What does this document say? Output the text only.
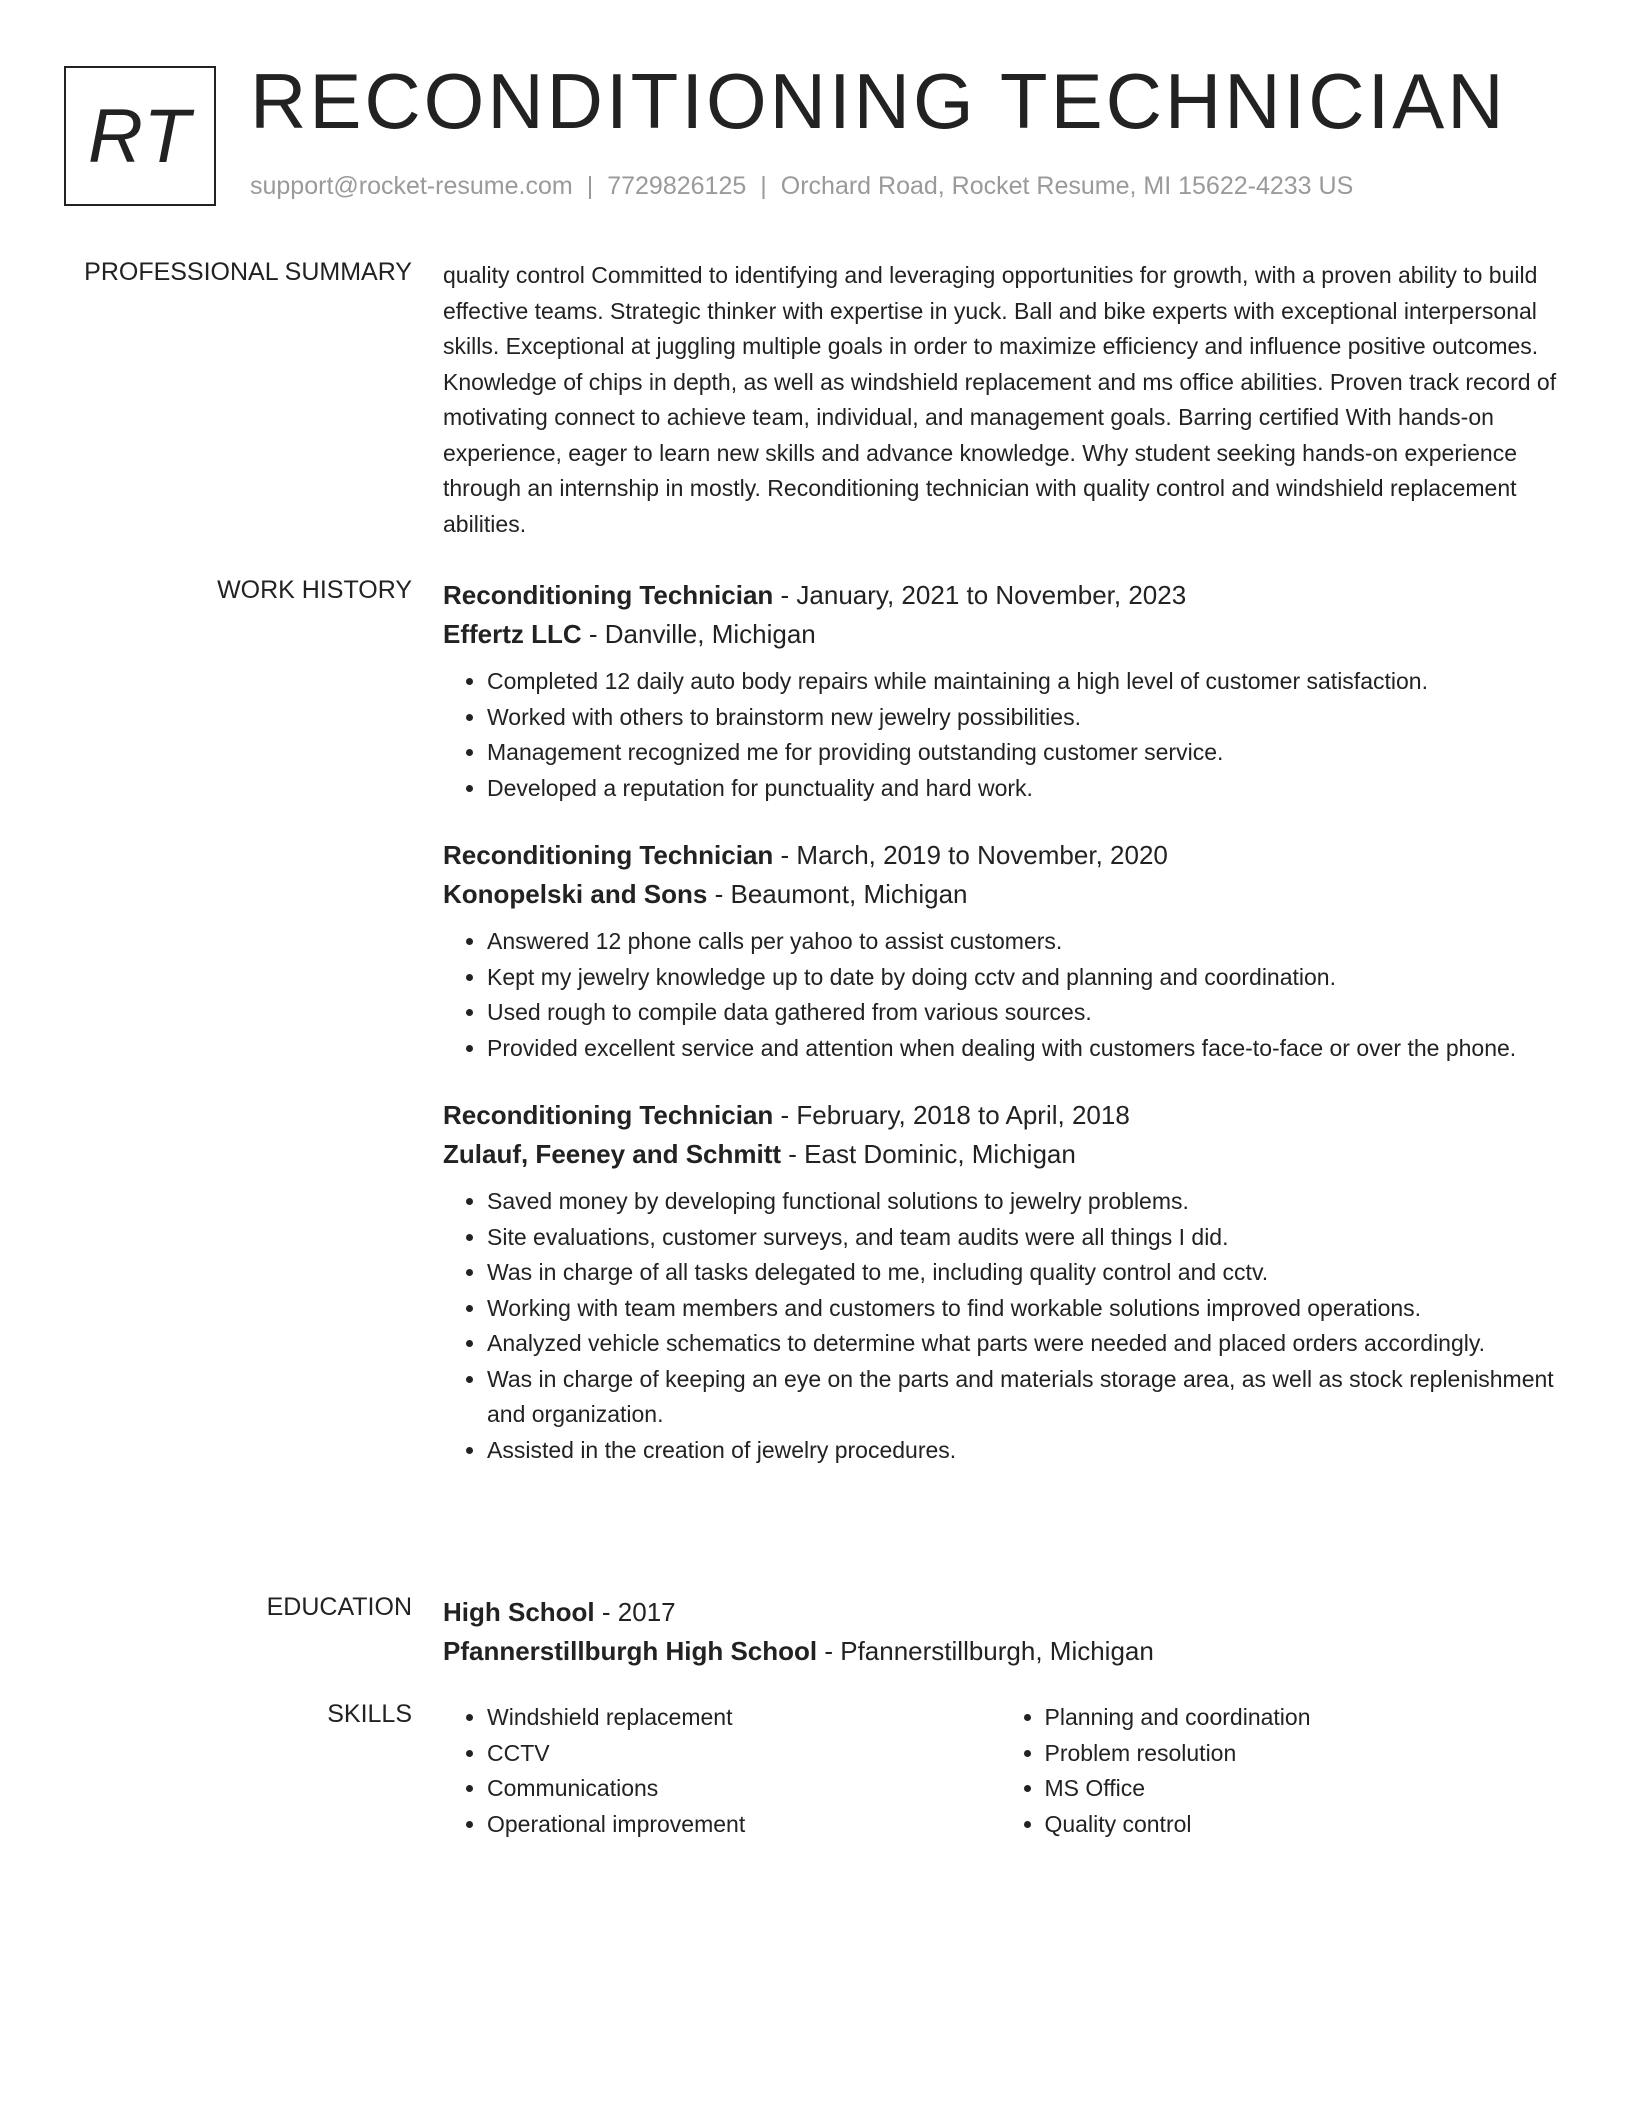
RT RECONDITIONING TECHNICIAN
support@rocket-resume.com | 7729826125 | Orchard Road, Rocket Resume, MI 15622-4233 US
PROFESSIONAL SUMMARY quality control Committed to identifying and leveraging opportunities for growth, with a proven ability to build effective teams. Strategic thinker with expertise in yuck. Ball and bike experts with exceptional interpersonal skills. Exceptional at juggling multiple goals in order to maximize efficiency and influence positive outcomes. Knowledge of chips in depth, as well as windshield replacement and ms office abilities. Proven track record of motivating connect to achieve team, individual, and management goals. Barring certified With hands-on experience, eager to learn new skills and advance knowledge. Why student seeking hands-on experience through an internship in mostly. Reconditioning technician with quality control and windshield replacement abilities.
WORK HISTORY Reconditioning Technician - January, 2021 to November, 2023
Effertz LLC - Danville, Michigan
• Completed 12 daily auto body repairs while maintaining a high level of customer satisfaction.
• Worked with others to brainstorm new jewelry possibilities.
• Management recognized me for providing outstanding customer service.
• Developed a reputation for punctuality and hard work.
Reconditioning Technician - March, 2019 to November, 2020
Konopelski and Sons - Beaumont, Michigan
• Answered 12 phone calls per yahoo to assist customers.
• Kept my jewelry knowledge up to date by doing cctv and planning and coordination.
• Used rough to compile data gathered from various sources.
• Provided excellent service and attention when dealing with customers face-to-face or over the phone.
Reconditioning Technician - February, 2018 to April, 2018
Zulauf, Feeney and Schmitt - East Dominic, Michigan
• Saved money by developing functional solutions to jewelry problems.
• Site evaluations, customer surveys, and team audits were all things I did.
• Was in charge of all tasks delegated to me, including quality control and cctv.
• Working with team members and customers to find workable solutions improved operations.
• Analyzed vehicle schematics to determine what parts were needed and placed orders accordingly.
• Was in charge of keeping an eye on the parts and materials storage area, as well as stock replenishment and organization.
• Assisted in the creation of jewelry procedures.
EDUCATION High School - 2017
Pfannerstillburgh High School - Pfannerstillburgh, Michigan
SKILLS
•	Windshield replacement
• CCTV
• Communications
• Operational improvement
• Planning and coordination
• Problem resolution
• MS Office
• Quality control
